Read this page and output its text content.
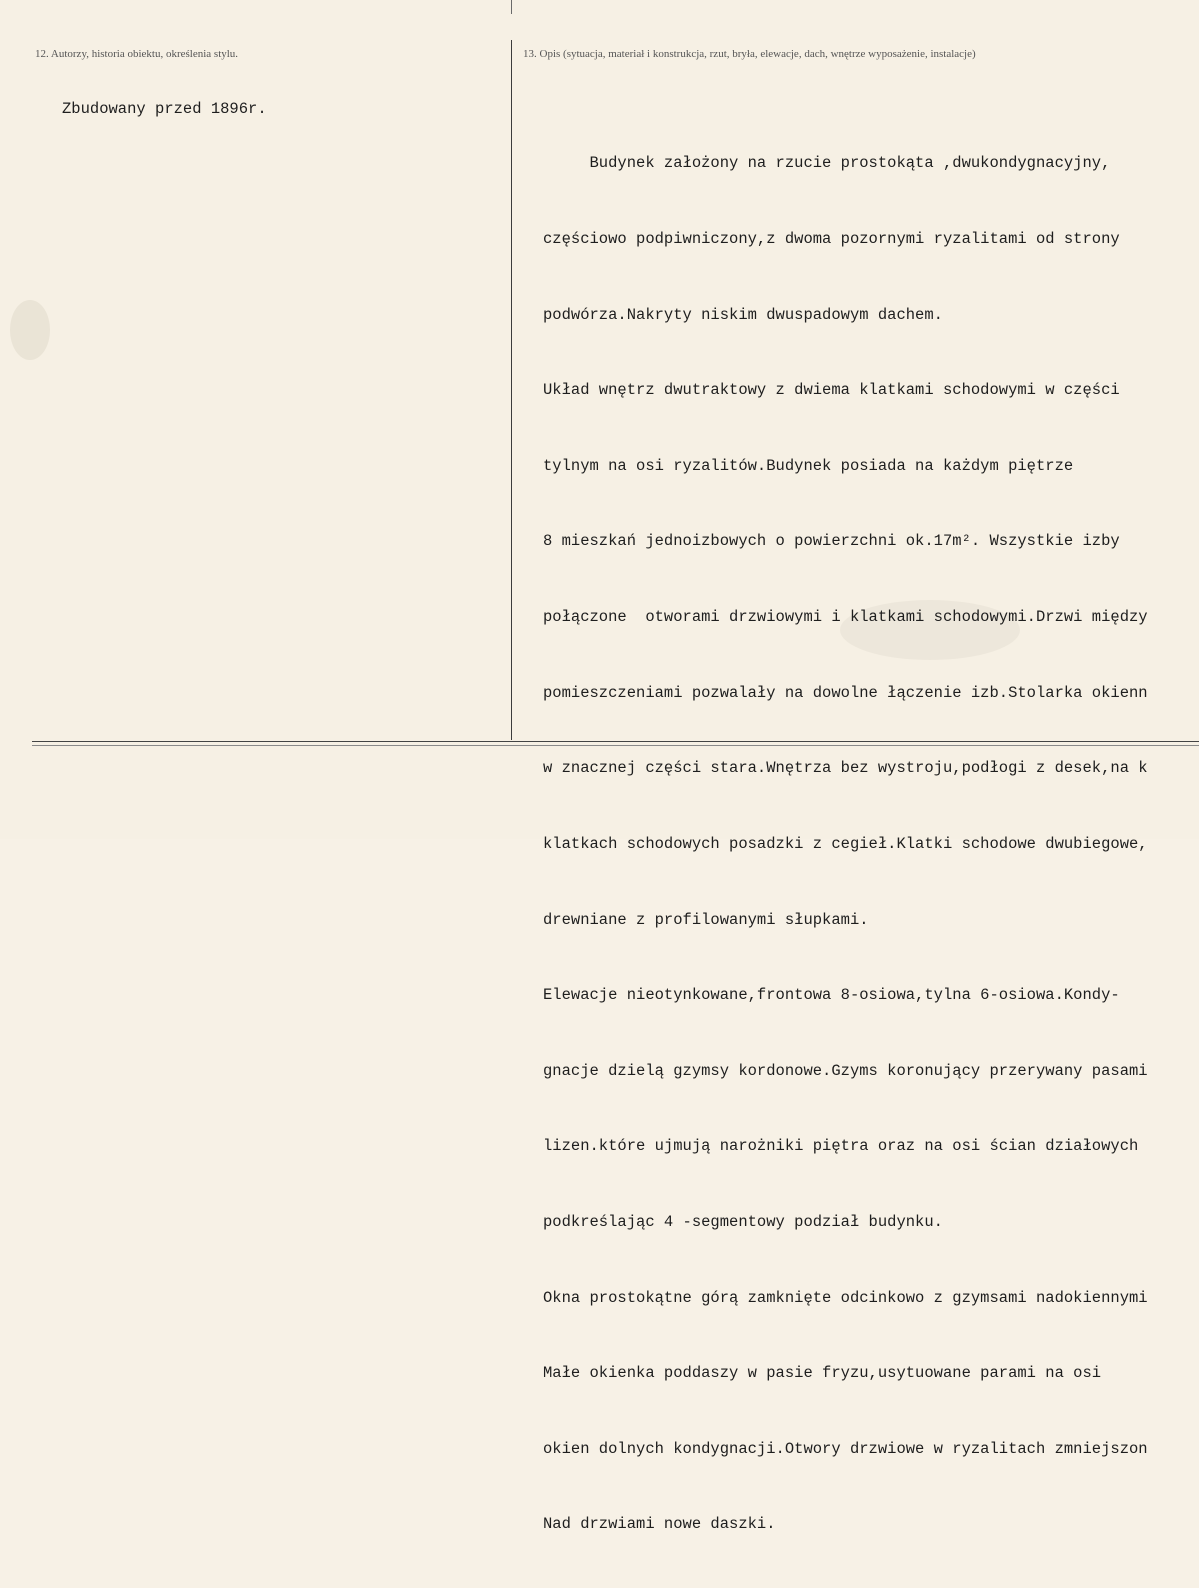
12. Autorzy, historia obiektu, określenia stylu.	13. Opis (sytuacja, materiał i konstrukcja, rzut, bryła, elewacje, dach, wnętrze wyposażenie, instalacje)
Zbudowany przed 1896r.

Budynek założony na rzucie prostokąta ,dwukondygnacyjny,

częściowo podpiwniczony,z dwoma pozornymi ryzalitami od strony

podwórza.Nakryty niskim dwuspadowym dachem.

Układ wnętrz dwutraktowy z dwiema klatkami schodowymi w części

tylnym na osi ryzalitów.Budynek posiada na każdym piętrze

8 mieszkań jednoizbowych o powierzchni ok.17m². Wszystkie izby

połączone  otworami drzwiowymi i klatkami schodowymi.Drzwi między

pomieszczeniami pozwalały na dowolne łączenie izb.Stolarka okienn

w znacznej części stara.Wnętrza bez wystroju,podłogi z desek,na k

klatkach schodowych posadzki z cegieł.Klatki schodowe dwubiegowe,

drewniane z profilowanymi słupkami.

Elewacje nieotynkowane,frontowa 8-osiowa,tylna 6-osiowa.Kondy-

gnacje dzielą gzymsy kordonowe.Gzyms koronujący przerywany pasami

lizen.które ujmują narożniki piętra oraz na osi ścian działowych

podkreślając 4 -segmentowy podział budynku.

Okna prostokątne górą zamknięte odcinkowo z gzymsami nadokiennymi

Małe okienka poddaszy w pasie fryzu,usytuowane parami na osi

okien dolnych kondygnacji.Otwory drzwiowe w ryzalitach zmniejszon

Nad drzwiami nowe daszki.
